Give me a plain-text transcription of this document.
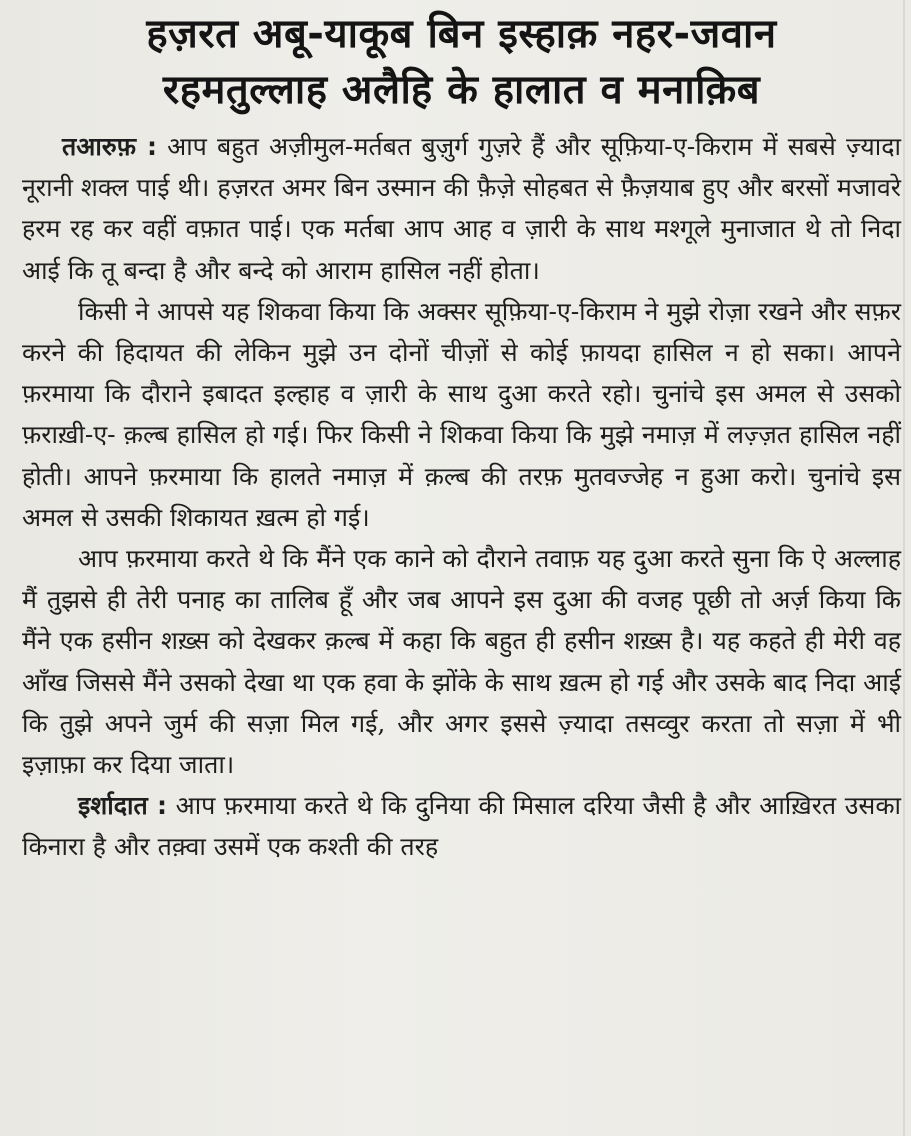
हज़रत अबू-याकूब बिन इस्हाक़ नहर-जवान
रहमतुल्लाह अलैहि के हालात व मनाक़िब

तआरुफ़ : आप बहुत अज़ीमुल-मर्तबत बुज़ुर्ग गुज़रे हैं और सूफ़िया-ए-किराम में सबसे ज़्यादा नूरानी शक्ल पाई थी। हज़रत अमर बिन उस्मान की फ़ैज़े सोहबत से फ़ैज़याब हुए और बरसों मजावरे हरम रह कर वहीं वफ़ात पाई। एक मर्तबा आप आह व ज़ारी के साथ मश्गूले मुनाजात थे तो निदा आई कि तू बन्दा है और बन्दे को आराम हासिल नहीं होता।

किसी ने आपसे यह शिकवा किया कि अक्सर सूफ़िया-ए-किराम ने मुझे रोज़ा रखने और सफ़र करने की हिदायत की लेकिन मुझे उन दोनों चीज़ों से कोई फ़ायदा हासिल न हो सका। आपने फ़रमाया कि दौराने इबादत इल्हाह व ज़ारी के साथ दुआ करते रहो। चुनांचे इस अमल से उसको फ़राख़ी-ए- क़ल्ब हासिल हो गई। फिर किसी ने शिकवा किया कि मुझे नमाज़ में लज़्ज़त हासिल नहीं होती। आपने फ़रमाया कि हालते नमाज़ में क़ल्ब की तरफ़ मुतवज्जेह न हुआ करो। चुनांचे इस अमल से उसकी शिकायत ख़त्म हो गई।

आप फ़रमाया करते थे कि मैंने एक काने को दौराने तवाफ़ यह दुआ करते सुना कि ऐ अल्लाह मैं तुझसे ही तेरी पनाह का तालिब हूँ और जब आपने इस दुआ की वजह पूछी तो अर्ज़ किया कि मैंने एक हसीन शख़्स को देखकर क़ल्ब में कहा कि बहुत ही हसीन शख़्स है। यह कहते ही मेरी वह आँख जिससे मैंने उसको देखा था एक हवा के झोंके के साथ ख़त्म हो गई और उसके बाद निदा आई कि तुझे अपने जुर्म की सज़ा मिल गई, और अगर इससे ज़्यादा तसव्वुर करता तो सज़ा में भी इज़ाफ़ा कर दिया जाता।

इर्शादात : आप फ़रमाया करते थे कि दुनिया की मिसाल दरिया जैसी है और आख़िरत उसका किनारा है और तक़्वा उसमें एक कश्ती की तरह
